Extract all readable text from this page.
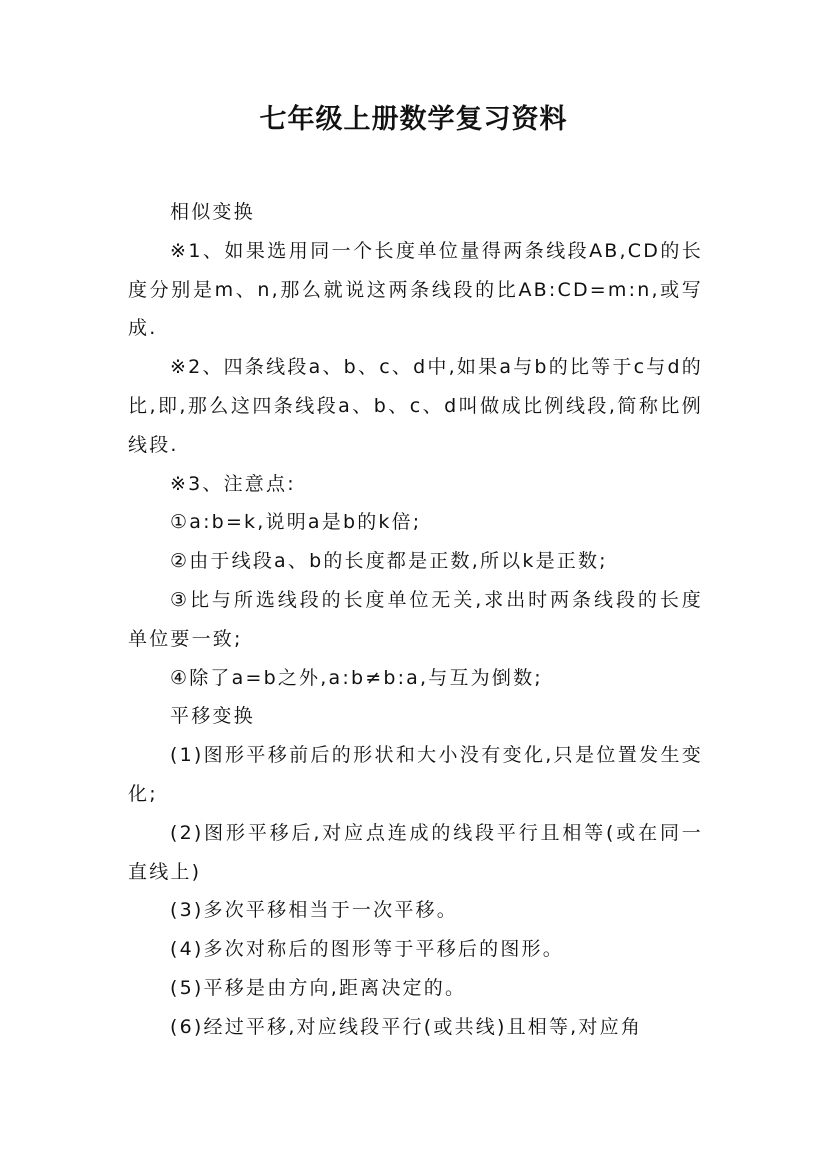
七年级上册数学复习资料

相似变换

※1、如果选用同一个长度单位量得两条线段AB,CD的长度分别是m、n,那么就说这两条线段的比AB:CD=m:n,或写成.

※2、四条线段a、b、c、d中,如果a与b的比等于c与d的比,即,那么这四条线段a、b、c、d叫做成比例线段,简称比例线段.

※3、注意点:

①a:b=k,说明a是b的k倍;

②由于线段a、b的长度都是正数,所以k是正数;

③比与所选线段的长度单位无关,求出时两条线段的长度单位要一致;

④除了a=b之外,a:b≠b:a,与互为倒数;

平移变换

(1)图形平移前后的形状和大小没有变化,只是位置发生变化;

(2)图形平移后,对应点连成的线段平行且相等(或在同一直线上)

(3)多次平移相当于一次平移。

(4)多次对称后的图形等于平移后的图形。

(5)平移是由方向,距离决定的。

(6)经过平移,对应线段平行(或共线)且相等,对应角
